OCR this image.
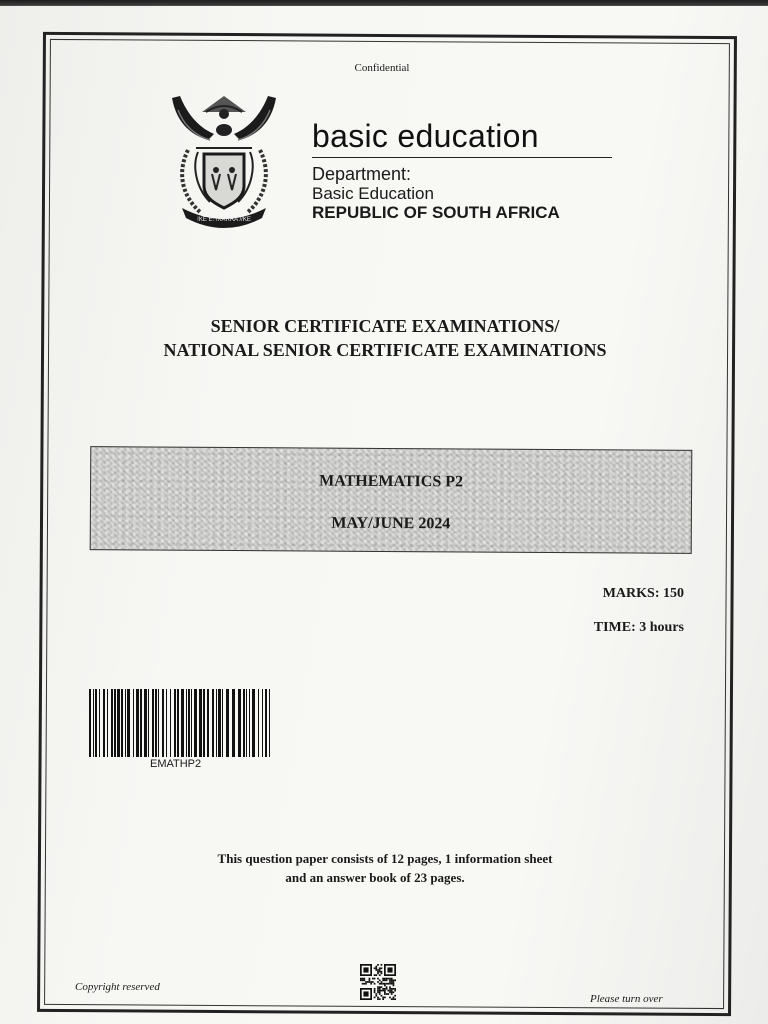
Confidential
!KE E: /XARRA //KE
basic education
Department:
Basic Education
REPUBLIC OF SOUTH AFRICA
SENIOR CERTIFICATE EXAMINATIONS/
NATIONAL SENIOR CERTIFICATE EXAMINATIONS
MATHEMATICS P2
MAY/JUNE 2024
MARKS: 150
TIME: 3 hours
EMATHP2
This question paper consists of 12 pages, 1 information sheet
and an answer book of 23 pages.
Copyright reserved
Please turn over
